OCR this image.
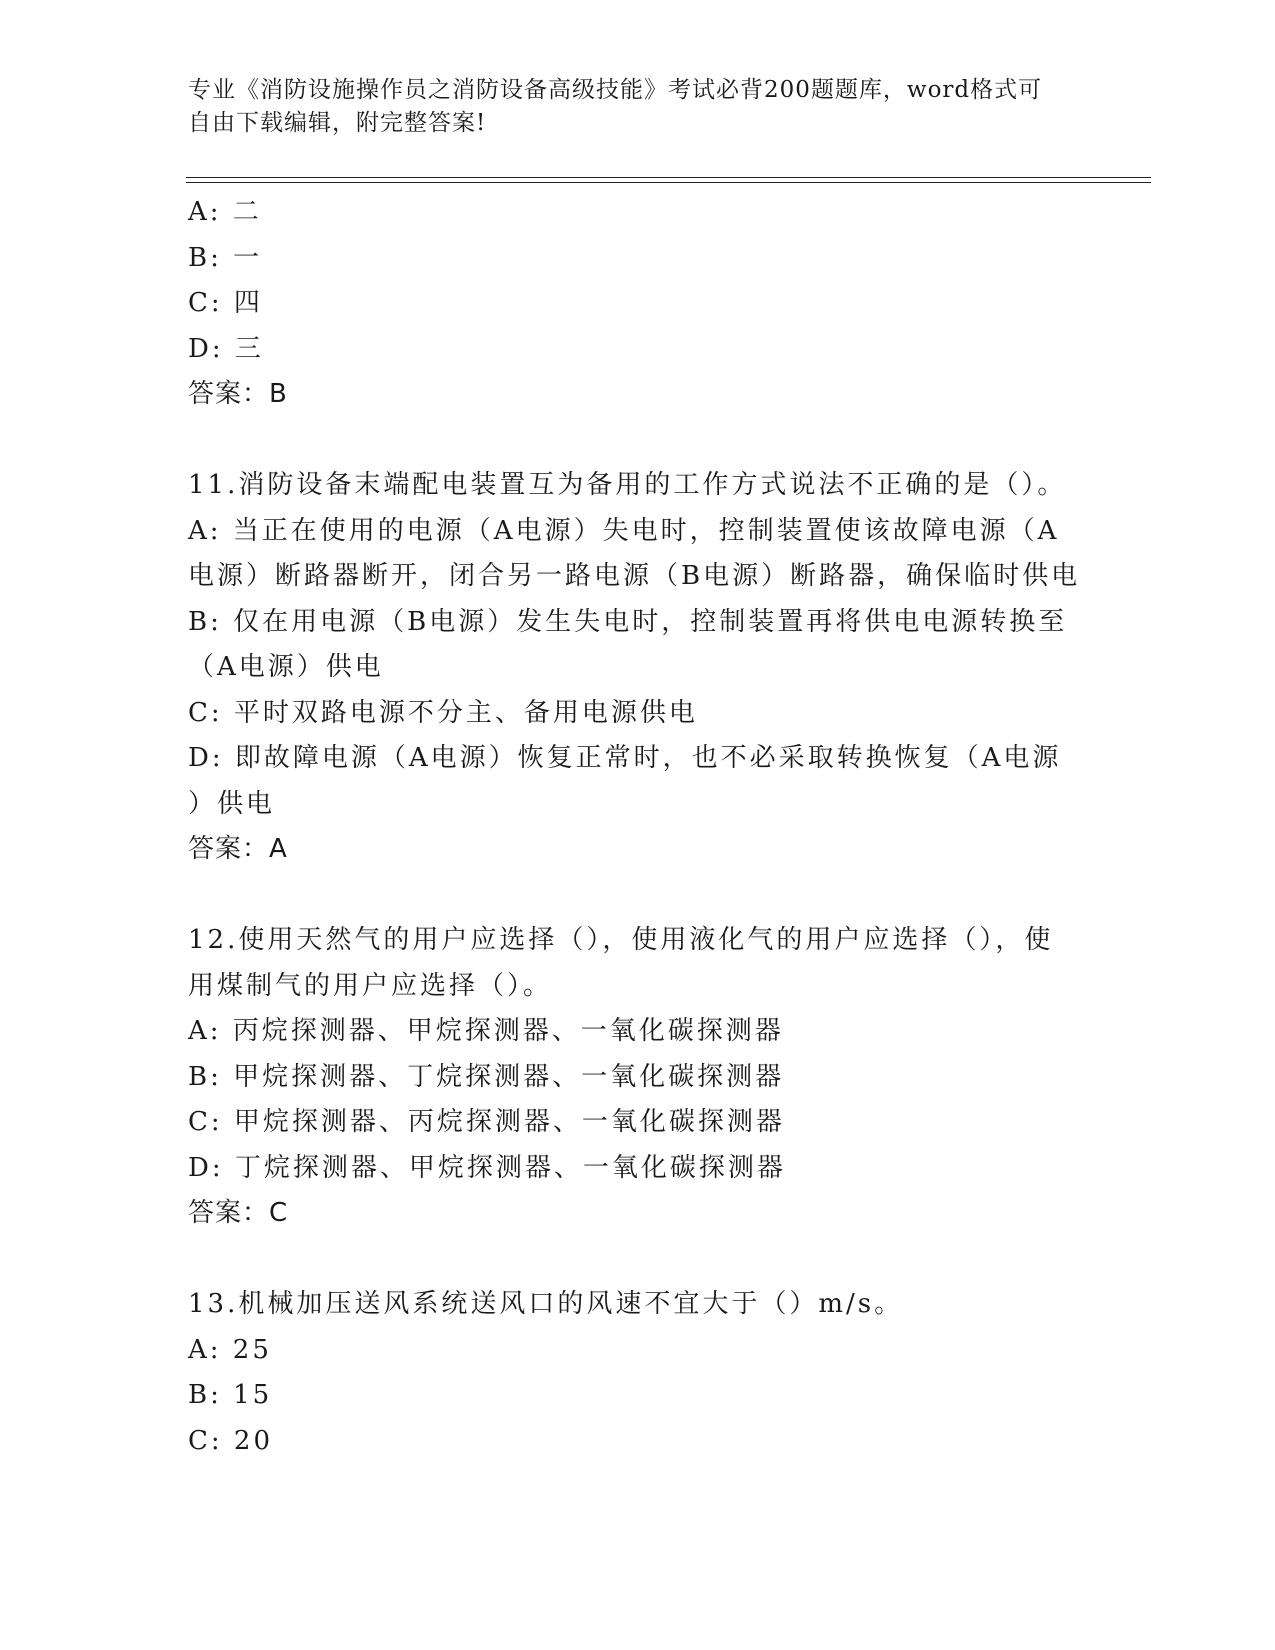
专业《消防设施操作员之消防设备高级技能》考试必背200题题库，word格式可
自由下载编辑，附完整答案!
A: 二
B: 一
C: 四
D: 三
答案：B
11.消防设备末端配电装置互为备用的工作方式说法不正确的是（）。
A: 当正在使用的电源（A电源）失电时，控制装置使该故障电源（A
电源）断路器断开，闭合另一路电源（B电源）断路器，确保临时供电
B: 仅在用电源（B电源）发生失电时，控制装置再将供电电源转换至
（A电源）供电
C: 平时双路电源不分主、备用电源供电
D: 即故障电源（A电源）恢复正常时，也不必采取转换恢复（A电源
）供电
答案：A
12.使用天然气的用户应选择（），使用液化气的用户应选择（），使
用煤制气的用户应选择（）。
A: 丙烷探测器、甲烷探测器、一氧化碳探测器
B: 甲烷探测器、丁烷探测器、一氧化碳探测器
C: 甲烷探测器、丙烷探测器、一氧化碳探测器
D: 丁烷探测器、甲烷探测器、一氧化碳探测器
答案：C
13.机械加压送风系统送风口的风速不宜大于（）m/s。
A: 25
B: 15
C: 20
